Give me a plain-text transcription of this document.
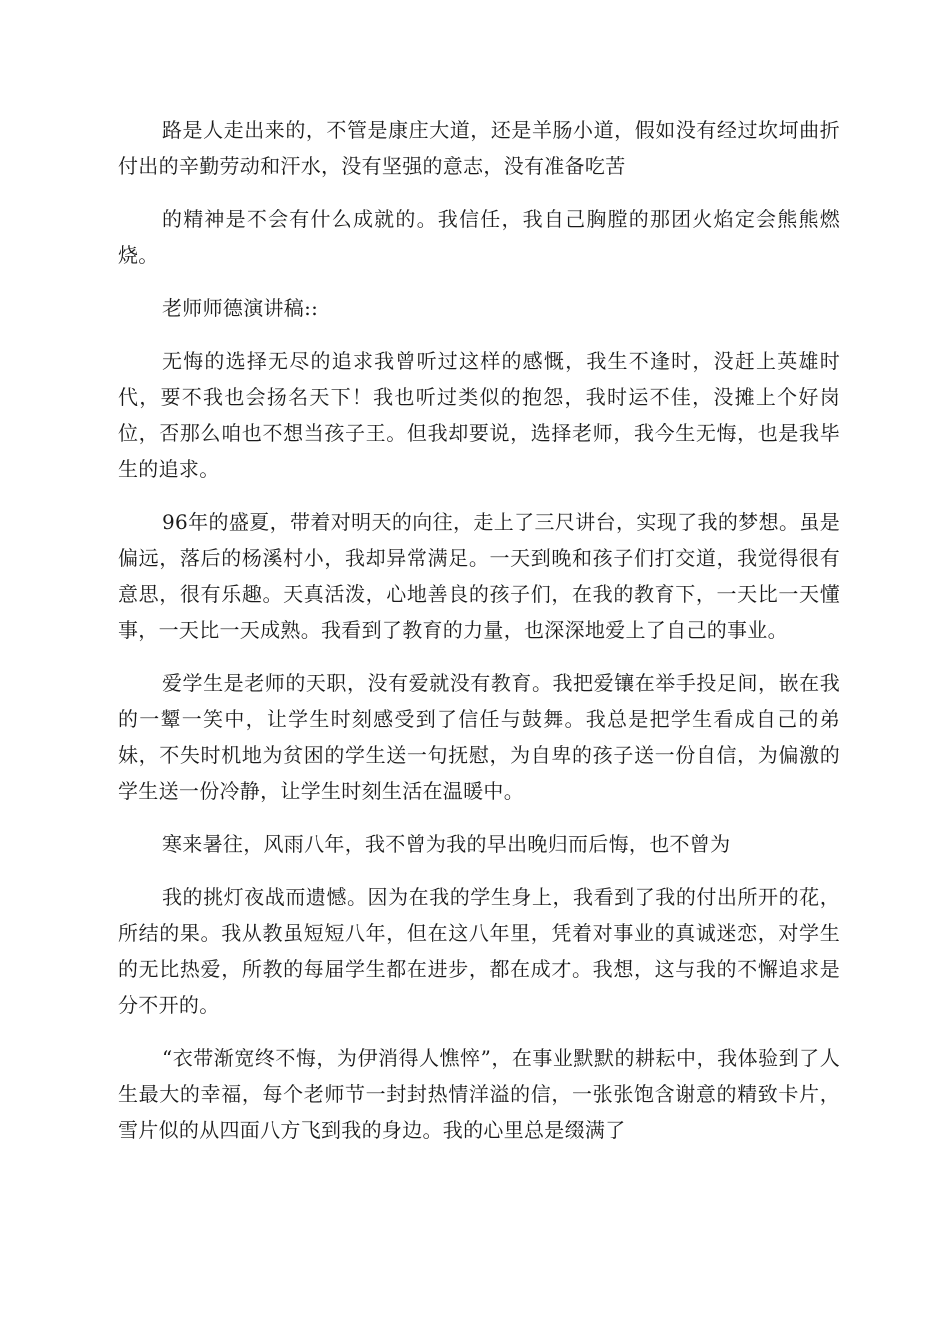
路是人走出来的，不管是康庄大道，还是羊肠小道，假如没有经过坎坷曲折付出的辛勤劳动和汗水，没有坚强的意志，没有准备吃苦

的精神是不会有什么成就的。我信任，我自己胸膛的那团火焰定会熊熊燃烧。

老师师德演讲稿::

无悔的选择无尽的追求我曾听过这样的感慨，我生不逢时，没赶上英雄时代，要不我也会扬名天下！我也听过类似的抱怨，我时运不佳，没摊上个好岗位，否那么咱也不想当孩子王。但我却要说，选择老师，我今生无悔，也是我毕生的追求。

96年的盛夏，带着对明天的向往，走上了三尺讲台，实现了我的梦想。虽是偏远，落后的杨溪村小，我却异常满足。一天到晚和孩子们打交道，我觉得很有意思，很有乐趣。天真活泼，心地善良的孩子们，在我的教育下，一天比一天懂事，一天比一天成熟。我看到了教育的力量，也深深地爱上了自己的事业。

爱学生是老师的天职，没有爱就没有教育。我把爱镶在举手投足间，嵌在我的一颦一笑中，让学生时刻感受到了信任与鼓舞。我总是把学生看成自己的弟妹，不失时机地为贫困的学生送一句抚慰，为自卑的孩子送一份自信，为偏激的学生送一份冷静，让学生时刻生活在温暖中。

寒来暑往，风雨八年，我不曾为我的早出晚归而后悔，也不曾为

我的挑灯夜战而遗憾。因为在我的学生身上，我看到了我的付出所开的花，所结的果。我从教虽短短八年，但在这八年里，凭着对事业的真诚迷恋，对学生的无比热爱，所教的每届学生都在进步，都在成才。我想，这与我的不懈追求是分不开的。

“衣带渐宽终不悔，为伊消得人憔悴”，在事业默默的耕耘中，我体验到了人生最大的幸福，每个老师节一封封热情洋溢的信，一张张饱含谢意的精致卡片，雪片似的从四面八方飞到我的身边。我的心里总是缀满了
